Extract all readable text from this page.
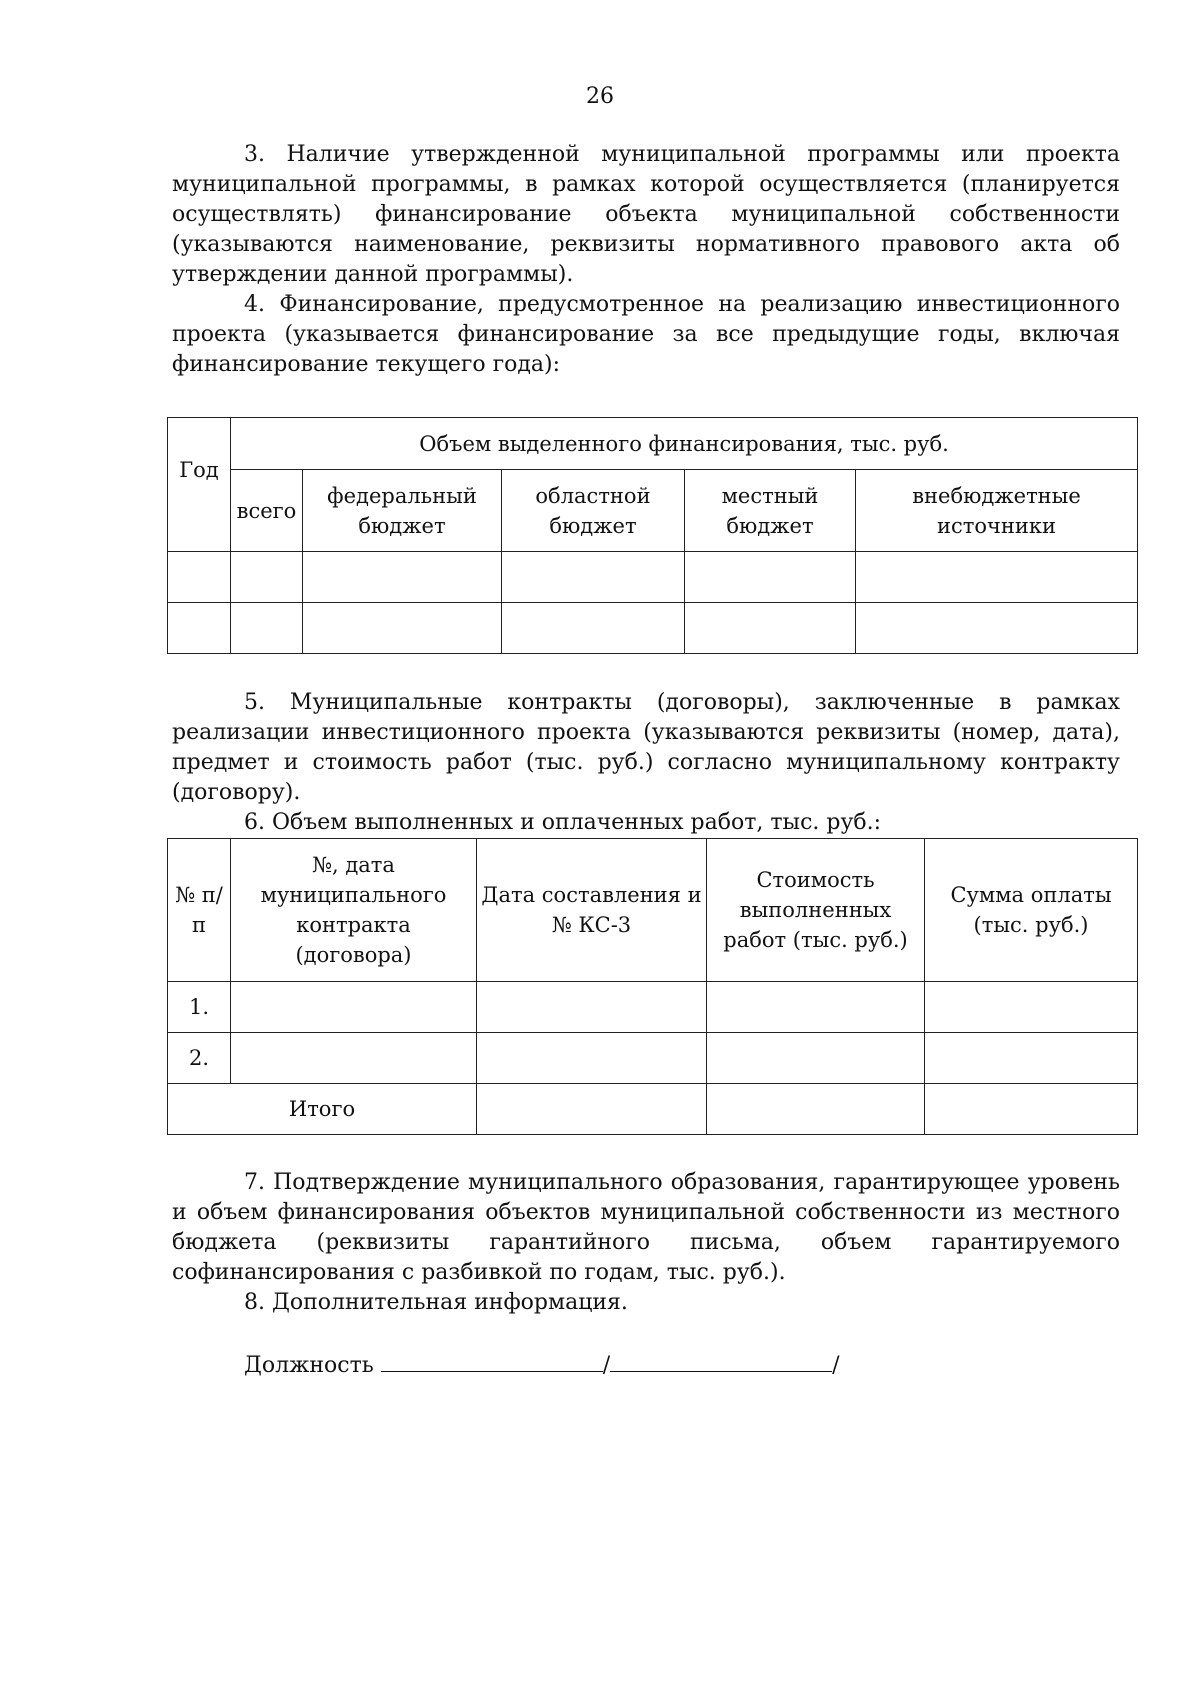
26

3. Наличие утвержденной муниципальной программы или проекта муниципальной программы, в рамках которой осуществляется (планируется осуществлять) финансирование объекта муниципальной собственности (указываются наименование, реквизиты нормативного правового акта об утверждении данной программы).

4. Финансирование, предусмотренное на реализацию инвестиционного проекта (указывается финансирование за все предыдущие годы, включая финансирование текущего года):

Год	Объем выделенного финансирования, тыс. руб.				
	всего	федеральный бюджет	областной бюджет	местный бюджет	внебюджетные источники

5. Муниципальные контракты (договоры), заключенные в рамках реализации инвестиционного проекта (указываются реквизиты (номер, дата), предмет и стоимость работ (тыс. руб.) согласно муниципальному контракту (договору).

6. Объем выполненных и оплаченных работ, тыс. руб.:

№ п/п	№, дата муниципального контракта (договора)	Дата составления и № КС-3	Стоимость выполненных работ (тыс. руб.)	Сумма оплаты (тыс. руб.)
1.				
2.				
Итого				

7. Подтверждение муниципального образования, гарантирующее уровень и объем финансирования объектов муниципальной собственности из местного бюджета (реквизиты гарантийного письма, объем гарантируемого софинансирования с разбивкой по годам, тыс. руб.).

8. Дополнительная информация.

Должность	/	/
